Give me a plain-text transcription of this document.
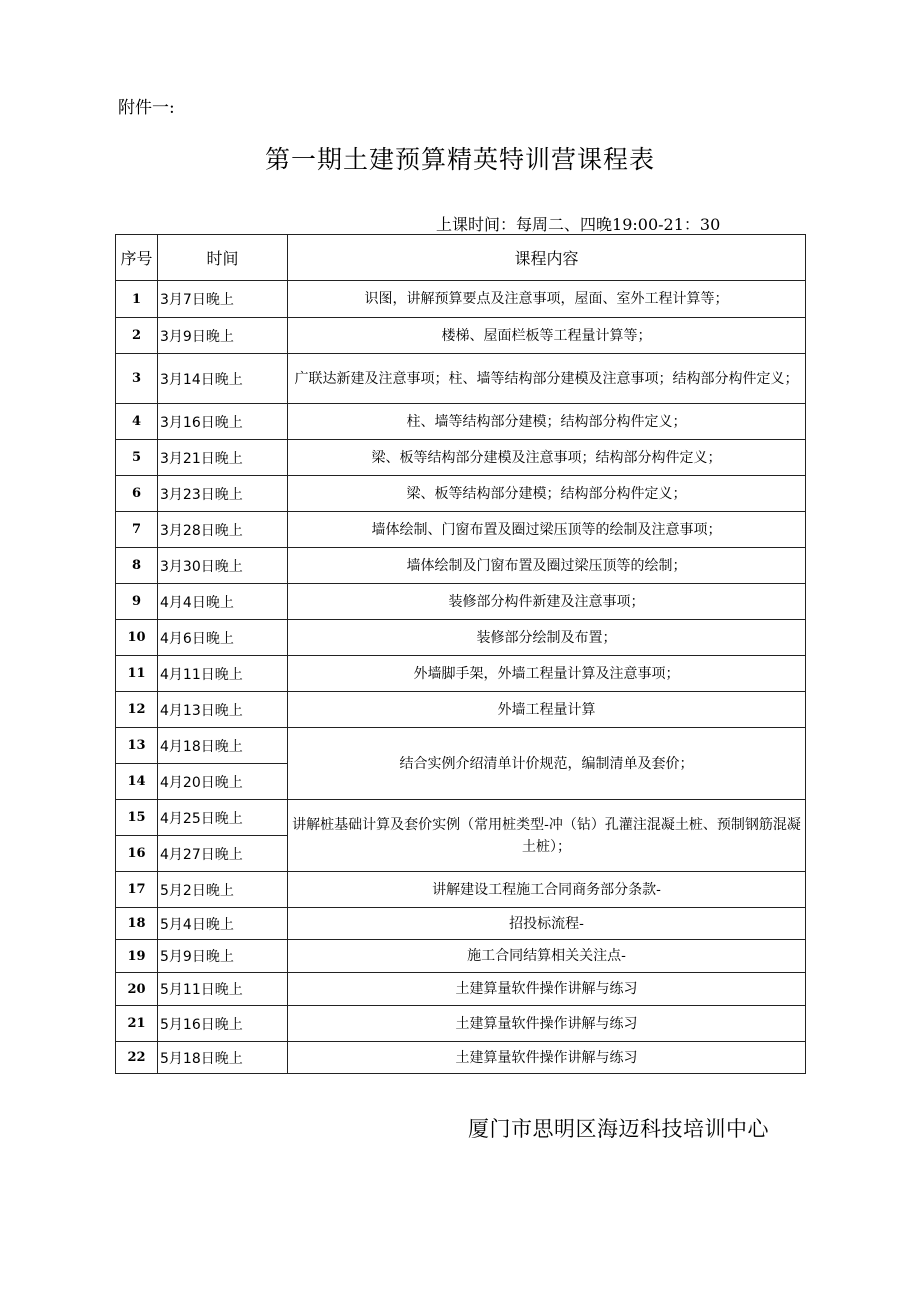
附件一:
第一期土建预算精英特训营课程表
上课时间：每周二、四晚19:00-21：30
序号	时间	课程内容
1	3月7日晚上	识图，讲解预算要点及注意事项，屋面、室外工程计算等；
2	3月9日晚上	楼梯、屋面栏板等工程量计算等；
3	3月14日晚上	广联达新建及注意事项；柱、墙等结构部分建模及注意事项；结构部分构件定义；
4	3月16日晚上	柱、墙等结构部分建模；结构部分构件定义；
5	3月21日晚上	梁、板等结构部分建模及注意事项；结构部分构件定义；
6	3月23日晚上	梁、板等结构部分建模；结构部分构件定义；
7	3月28日晚上	墙体绘制、门窗布置及圈过梁压顶等的绘制及注意事项；
8	3月30日晚上	墙体绘制及门窗布置及圈过梁压顶等的绘制；
9	4月4日晚上	装修部分构件新建及注意事项；
10	4月6日晚上	装修部分绘制及布置；
11	4月11日晚上	外墙脚手架，外墙工程量计算及注意事项；
12	4月13日晚上	外墙工程量计算
13	4月18日晚上	结合实例介绍清单计价规范，编制清单及套价；
14	4月20日晚上	
15	4月25日晚上	讲解桩基础计算及套价实例（常用桩类型-冲（钻）孔灌注混凝土桩、预制钢筋混凝土桩）；
16	4月27日晚上	
17	5月2日晚上	讲解建设工程施工合同商务部分条款-
18	5月4日晚上	招投标流程-
19	5月9日晚上	施工合同结算相关关注点-
20	5月11日晚上	土建算量软件操作讲解与练习
21	5月16日晚上	土建算量软件操作讲解与练习
22	5月18日晚上	土建算量软件操作讲解与练习
厦门市思明区海迈科技培训中心
